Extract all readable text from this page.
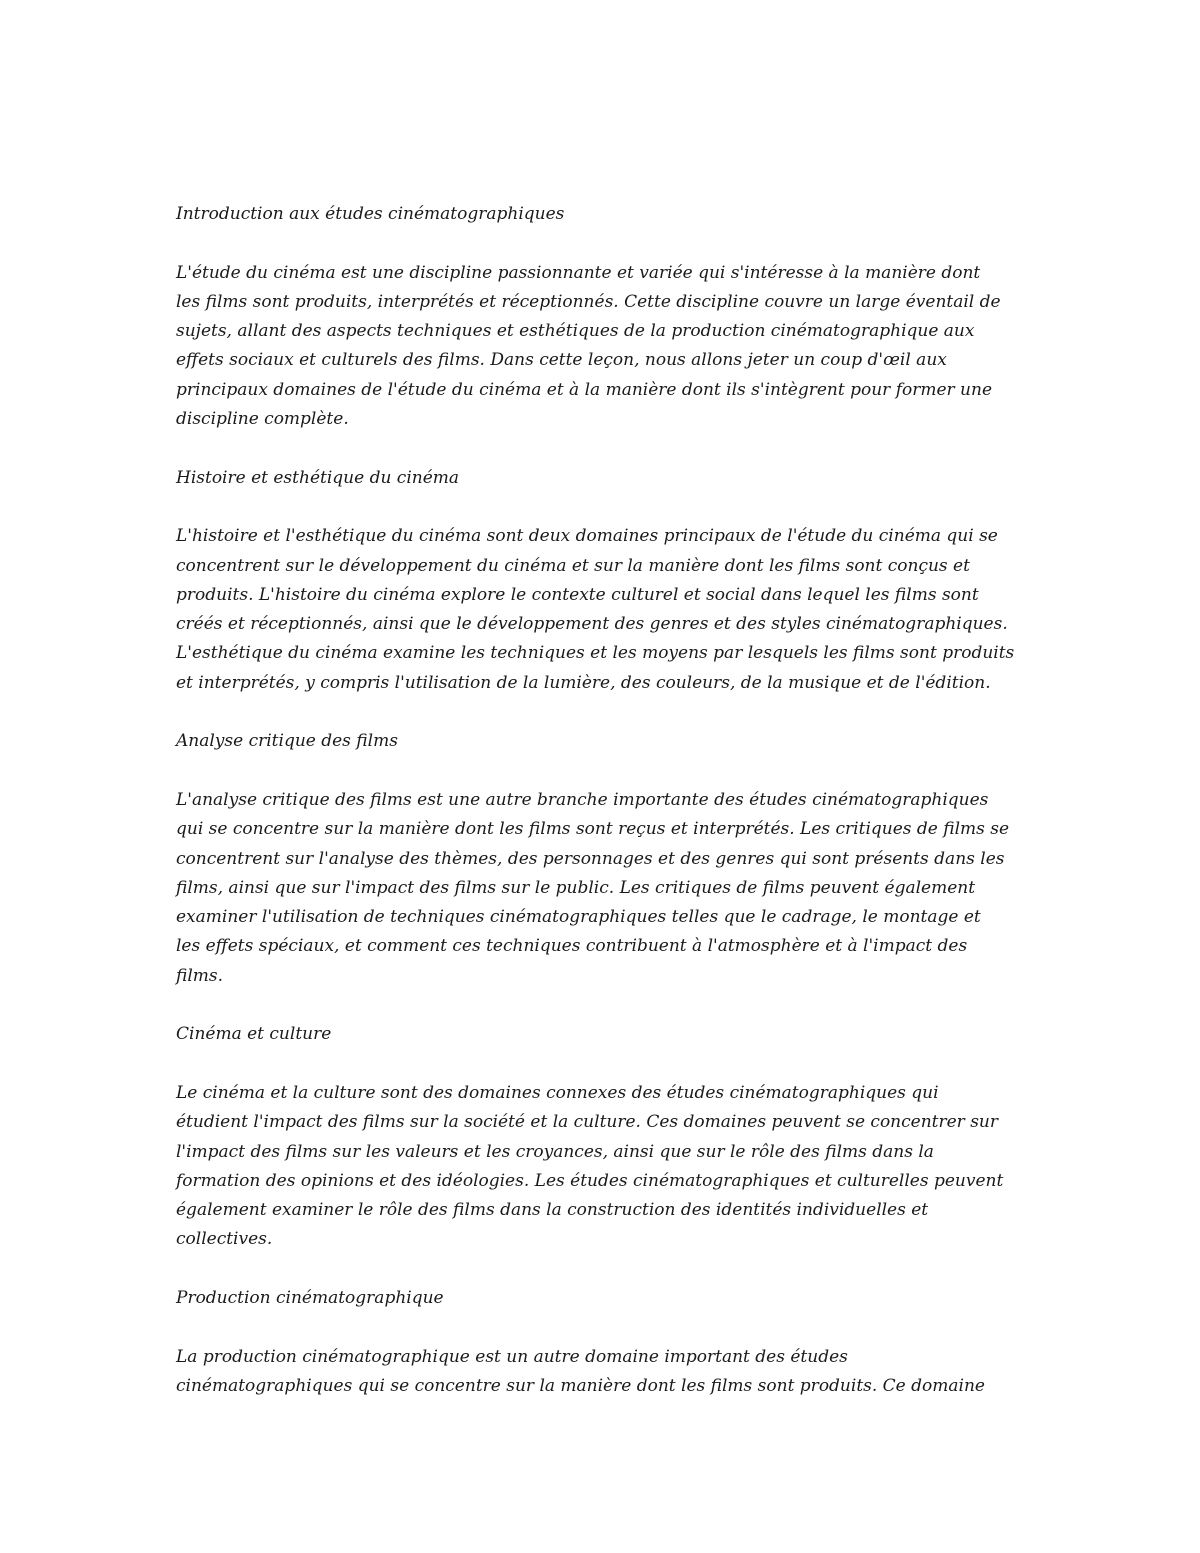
Introduction aux études cinématographiques

L'étude du cinéma est une discipline passionnante et variée qui s'intéresse à la manière dont
les films sont produits, interprétés et réceptionnés. Cette discipline couvre un large éventail de
sujets, allant des aspects techniques et esthétiques de la production cinématographique aux
effets sociaux et culturels des films. Dans cette leçon, nous allons jeter un coup d'œil aux
principaux domaines de l'étude du cinéma et à la manière dont ils s'intègrent pour former une
discipline complète.

Histoire et esthétique du cinéma

L'histoire et l'esthétique du cinéma sont deux domaines principaux de l'étude du cinéma qui se
concentrent sur le développement du cinéma et sur la manière dont les films sont conçus et
produits. L'histoire du cinéma explore le contexte culturel et social dans lequel les films sont
créés et réceptionnés, ainsi que le développement des genres et des styles cinématographiques.
L'esthétique du cinéma examine les techniques et les moyens par lesquels les films sont produits
et interprétés, y compris l'utilisation de la lumière, des couleurs, de la musique et de l'édition.

Analyse critique des films

L'analyse critique des films est une autre branche importante des études cinématographiques
qui se concentre sur la manière dont les films sont reçus et interprétés. Les critiques de films se
concentrent sur l'analyse des thèmes, des personnages et des genres qui sont présents dans les
films, ainsi que sur l'impact des films sur le public. Les critiques de films peuvent également
examiner l'utilisation de techniques cinématographiques telles que le cadrage, le montage et
les effets spéciaux, et comment ces techniques contribuent à l'atmosphère et à l'impact des
films.

Cinéma et culture

Le cinéma et la culture sont des domaines connexes des études cinématographiques qui
étudient l'impact des films sur la société et la culture. Ces domaines peuvent se concentrer sur
l'impact des films sur les valeurs et les croyances, ainsi que sur le rôle des films dans la
formation des opinions et des idéologies. Les études cinématographiques et culturelles peuvent
également examiner le rôle des films dans la construction des identités individuelles et
collectives.

Production cinématographique

La production cinématographique est un autre domaine important des études
cinématographiques qui se concentre sur la manière dont les films sont produits. Ce domaine
